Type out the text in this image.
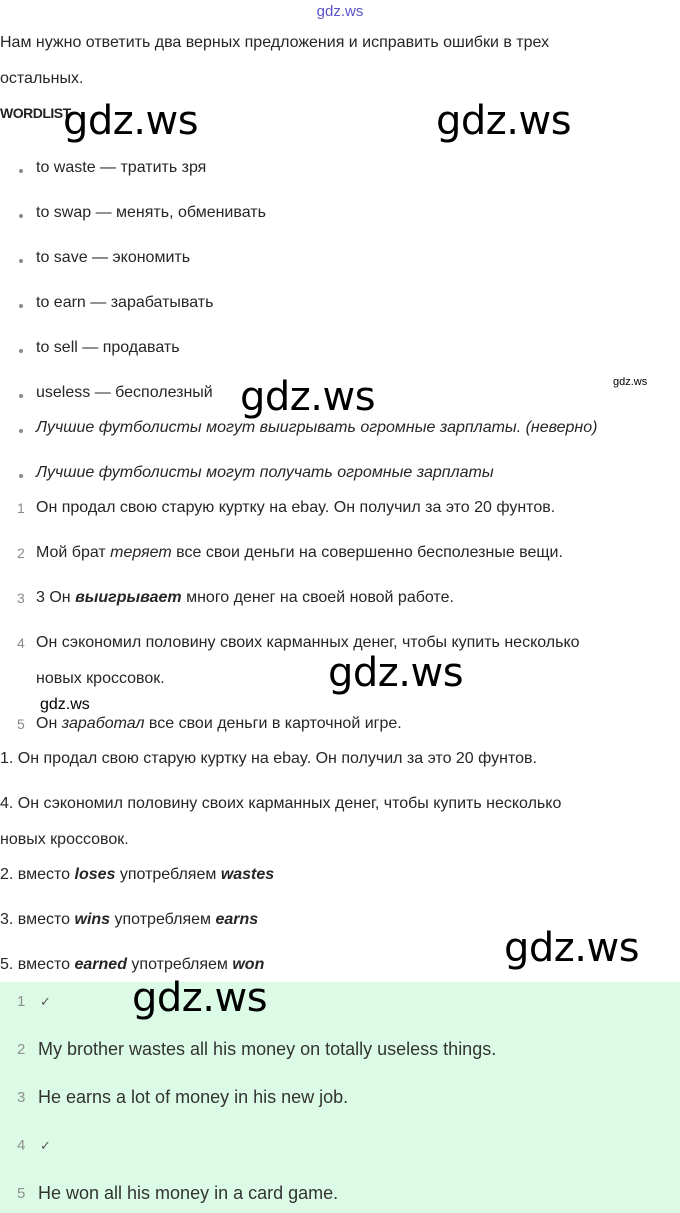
gdz.ws
Нам нужно ответить два верных предложения и исправить ошибки в трех
остальных.
WORDLIST
to waste — тратить зря
to swap — менять, обменивать
to save — экономить
to earn — зарабатывать
to sell — продавать
useless — бесполезный
Лучшие футболисты могут выигрывать огромные зарплаты. (неверно)
Лучшие футболисты могут получать огромные зарплаты
1 Он продал свою старую куртку на ebay. Он получил за это 20 фунтов.
2 Мой брат теряет все свои деньги на совершенно бесполезные вещи.
3 3 Он выигрывает много денег на своей новой работе.
4 Он сэкономил половину своих карманных денег, чтобы купить несколько
новых кроссовок.
5 Он заработал все свои деньги в карточной игре.
1. Он продал свою старую куртку на ebay. Он получил за это 20 фунтов.
4. Он сэкономил половину своих карманных денег, чтобы купить несколько
новых кроссовок.
2. вместо loses употребляем wastes
3. вместо wins употребляем earns
5. вместо earned употребляем won
1 ✓
2 My brother wastes all his money on totally useless things.
3 He earns a lot of money in his new job.
4 ✓
5 He won all his money in a card game.
gdz.ws	gdz.ws
gdz.ws
gdz.ws
gdz.ws
gdz.ws
gdz.ws
gdz.ws
